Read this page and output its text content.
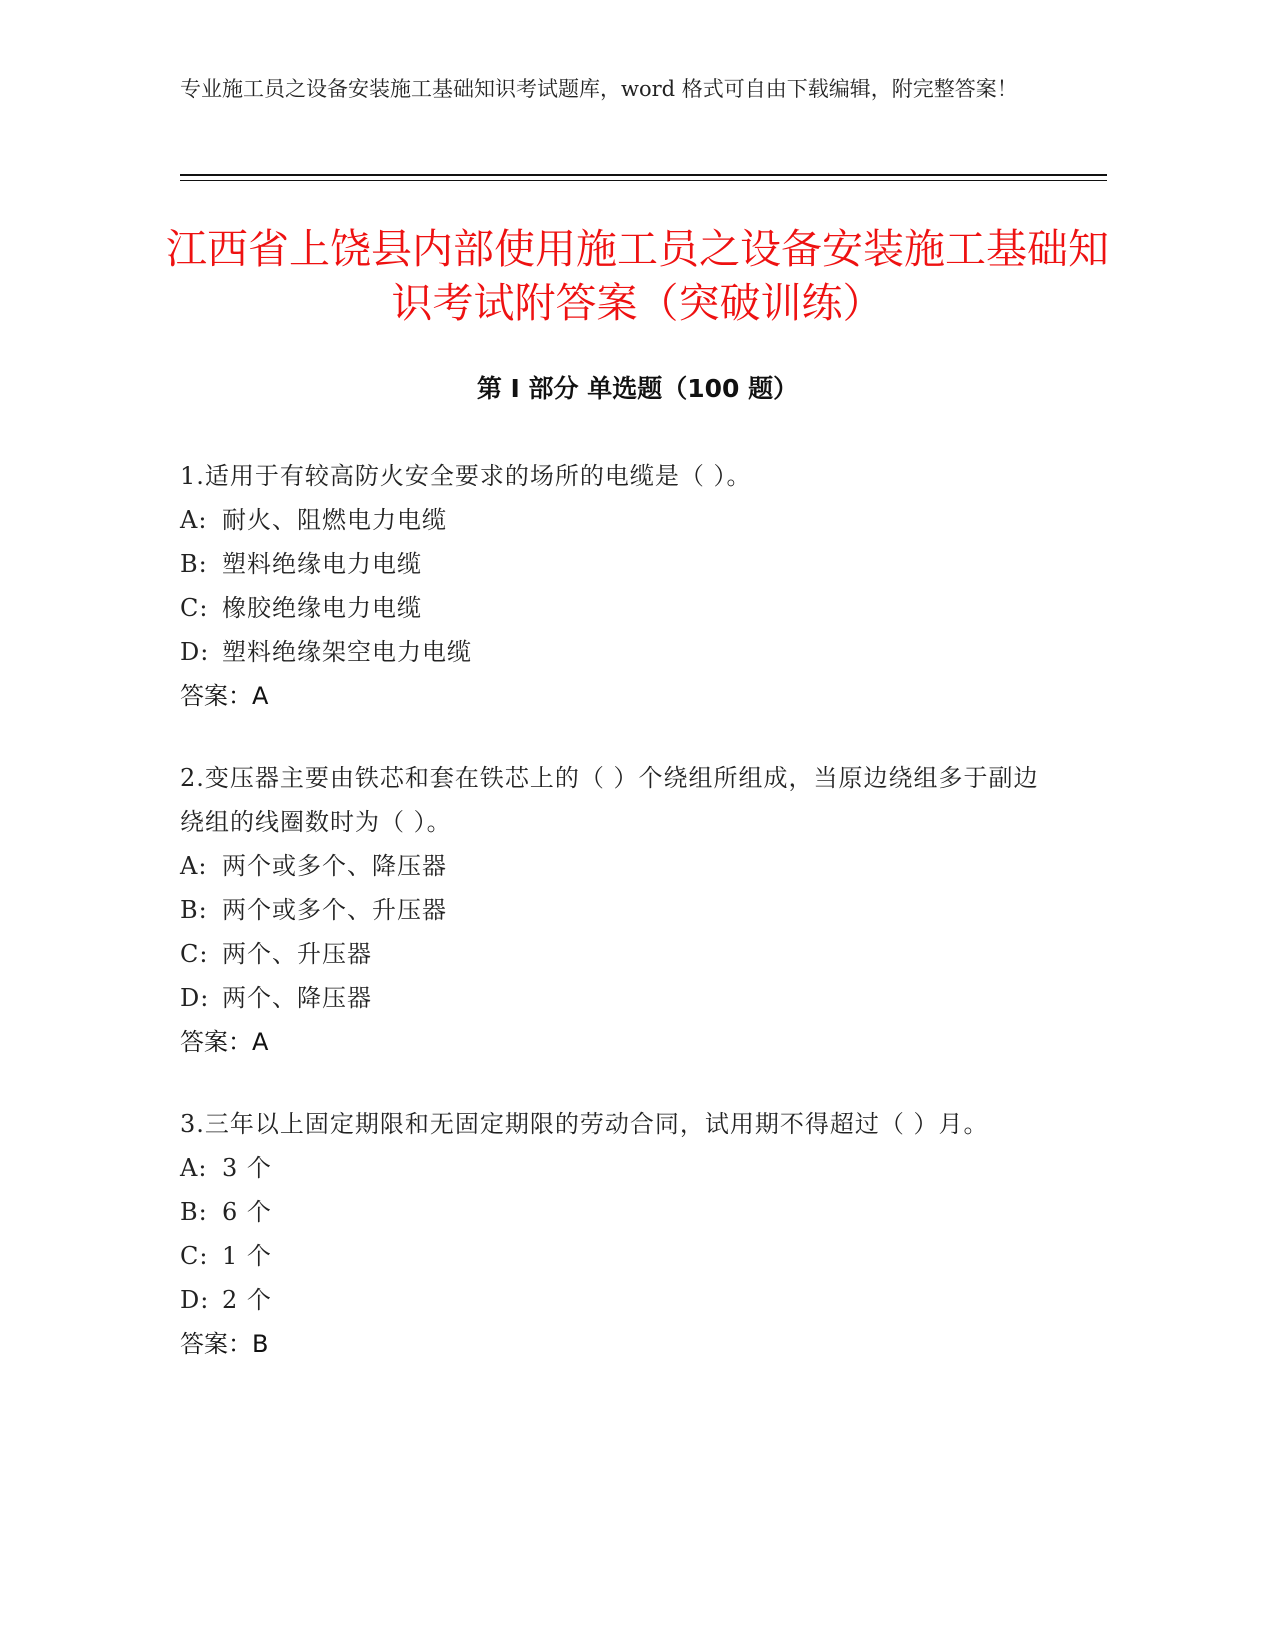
专业施工员之设备安装施工基础知识考试题库，word 格式可自由下载编辑，附完整答案！
江西省上饶县内部使用施工员之设备安装施工基础知识考试附答案（突破训练）
第 I 部分 单选题（100 题）
1.适用于有较高防火安全要求的场所的电缆是（ ）。
A: 耐火、阻燃电力电缆
B: 塑料绝缘电力电缆
C: 橡胶绝缘电力电缆
D: 塑料绝缘架空电力电缆
答案：A
2.变压器主要由铁芯和套在铁芯上的（ ）个绕组所组成，当原边绕组多于副边绕组的线圈数时为（ ）。
A: 两个或多个、降压器
B: 两个或多个、升压器
C: 两个、升压器
D: 两个、降压器
答案：A
3.三年以上固定期限和无固定期限的劳动合同，试用期不得超过（ ）月。
A: 3 个
B: 6 个
C: 1 个
D: 2 个
答案：B
